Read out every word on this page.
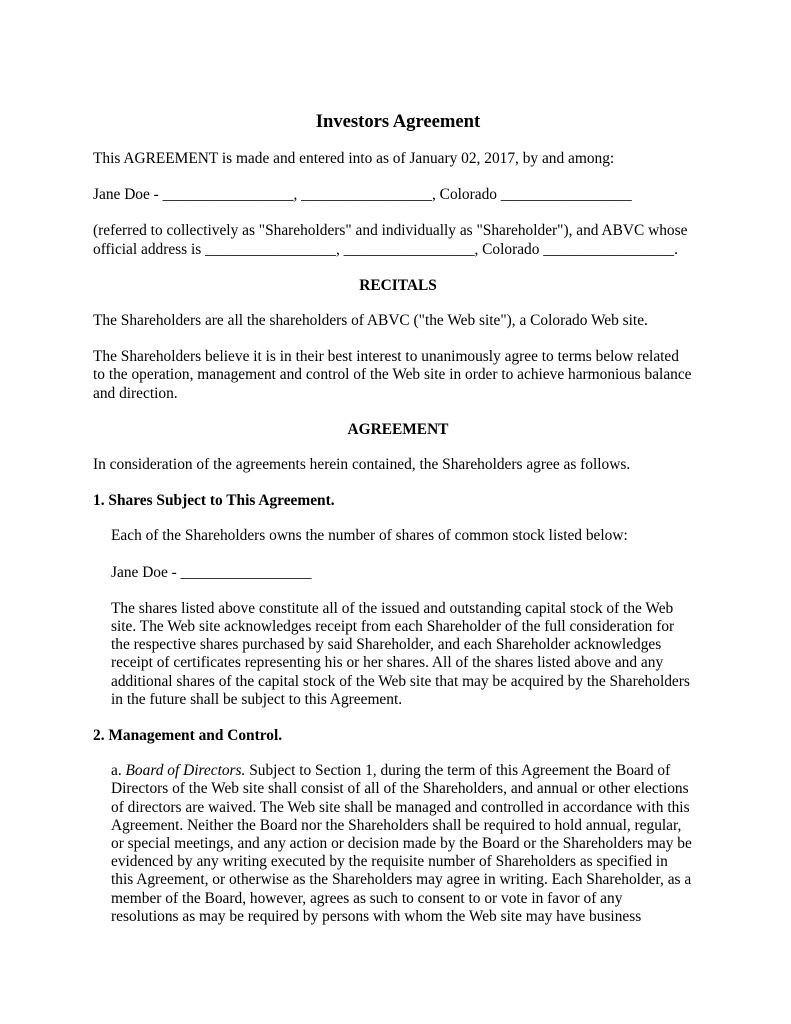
Investors Agreement

This AGREEMENT is made and entered into as of January 02, 2017, by and among:

Jane Doe - _________________, _________________, Colorado _________________

(referred to collectively as "Shareholders" and individually as "Shareholder"), and ABVC whose
official address is _________________, _________________, Colorado _________________.

RECITALS

The Shareholders are all the shareholders of ABVC ("the Web site"), a Colorado Web site.

The Shareholders believe it is in their best interest to unanimously agree to terms below related
to the operation, management and control of the Web site in order to achieve harmonious balance
and direction.

AGREEMENT

In consideration of the agreements herein contained, the Shareholders agree as follows.

1. Shares Subject to This Agreement.

Each of the Shareholders owns the number of shares of common stock listed below:

Jane Doe - _________________

The shares listed above constitute all of the issued and outstanding capital stock of the Web
site. The Web site acknowledges receipt from each Shareholder of the full consideration for
the respective shares purchased by said Shareholder, and each Shareholder acknowledges
receipt of certificates representing his or her shares. All of the shares listed above and any
additional shares of the capital stock of the Web site that may be acquired by the Shareholders
in the future shall be subject to this Agreement.

2. Management and Control.

a. Board of Directors. Subject to Section 1, during the term of this Agreement the Board of
Directors of the Web site shall consist of all of the Shareholders, and annual or other elections
of directors are waived. The Web site shall be managed and controlled in accordance with this
Agreement. Neither the Board nor the Shareholders shall be required to hold annual, regular,
or special meetings, and any action or decision made by the Board or the Shareholders may be
evidenced by any writing executed by the requisite number of Shareholders as specified in
this Agreement, or otherwise as the Shareholders may agree in writing. Each Shareholder, as a
member of the Board, however, agrees as such to consent to or vote in favor of any
resolutions as may be required by persons with whom the Web site may have business
